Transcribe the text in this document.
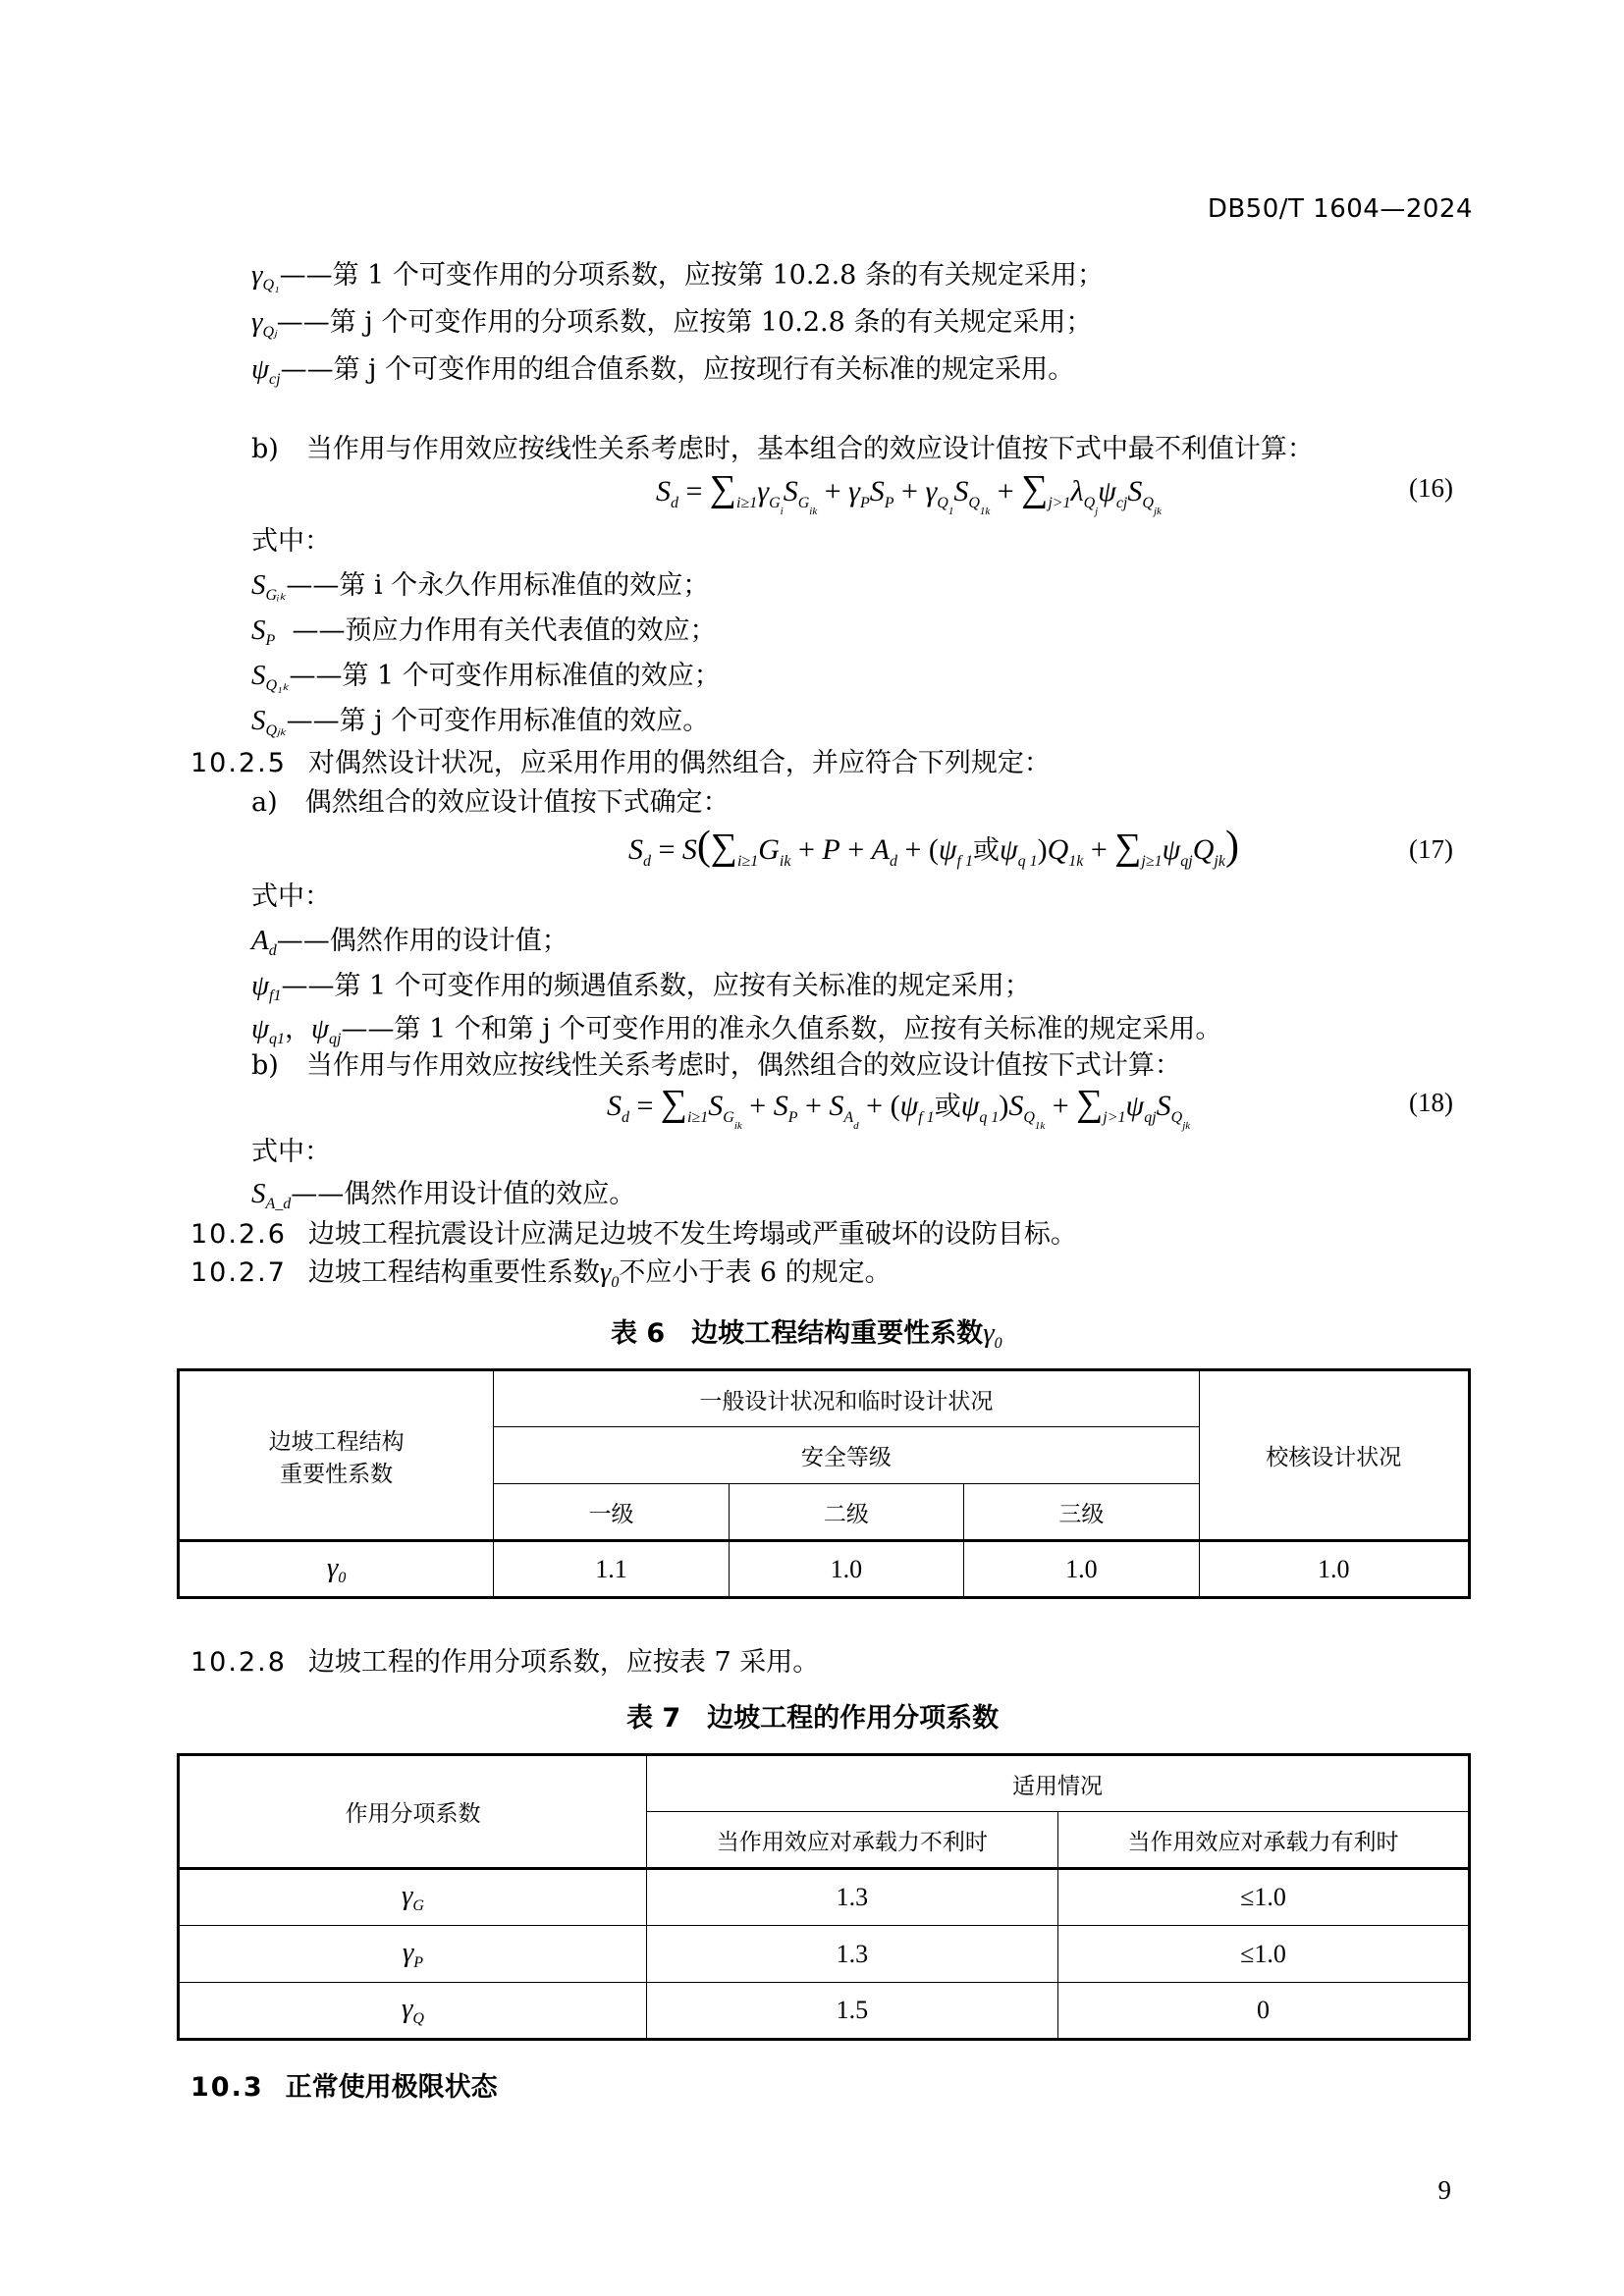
DB50/T 1604—2024
$\gamma_{Q_1}——$第 1 个可变作用的分项系数，应按第 10.2.8 条的有关规定采用；
$\gamma_{Qⱼ}——$第 j 个可变作用的分项系数，应按第 10.2.8 条的有关规定采用；
$\psi_{cj}——$第 j 个可变作用的组合值系数，应按现行有关标准的规定采用。
b) 当作用与作用效应按线性关系考虑时，基本组合的效应设计值按下式中最不利值计算：
$S_d = \sum_{i\ge 1}\gamma_{G_i}S_{G_{ik}} + \gamma_PS_P + \gamma_{Q_1}S_{Q_{1k}} + \sum_{j>1}\lambda_{Q_j}\psi_{cj}S_{Q_{jk}}$
(16)
式中：
$S_{Gᵢ_k}——$第 i 个永久作用标准值的效应；
$S_P$  ——预应力作用有关代表值的效应；
$S_{Q_{1k}}——$第 1 个可变作用标准值的效应；
$S_{Qⱼ_k}——$第 j 个可变作用标准值的效应。
10.2.5 对偶然设计状况，应采用作用的偶然组合，并应符合下列规定：
a) 偶然组合的效应设计值按下式确定：
$S_d = S(\sum_{i\ge 1}G_{ik} + P + A_d + (\psi_{f 1}$或$\psi_{q 1})Q_{1k} + \sum_{j\ge 1}\psi_{qj}Q_{jk}$)	(17)
式中：
$A_d——$偶然作用的设计值；
$\psi_{f1}——$第 1 个可变作用的频遇值系数，应按有关标准的规定采用；
$\psi_{q1}$，$\psi_{qj}——$第 1 个和第 j 个可变作用的准永久值系数，应按有关标准的规定采用。
b) 当作用与作用效应按线性关系考虑时，偶然组合的效应设计值按下式计算：
$S_d = \sum_{i\ge 1}S_{G_{ik}} + S_P + S_{A_d} + (\psi_{f 1}$或$\psi_{q 1})S_{Q_{1k}} + \sum_{j>1}\psi_{qj}S_{Q_{jk}}$
(18)
式中：
$S_{A\_d}——$偶然作用设计值的效应。
10.2.6 边坡工程抗震设计应满足边坡不发生垮塌或严重破坏的设防目标。
10.2.7 边坡工程结构重要性系数$\gamma_0$不应小于表 6 的规定。
表 6　边坡工程结构重要性系数$\gamma_0$
边坡工程结构
重要性系数	一般设计状况和临时设计状况			校核设计状况
	安全等级			
	一级	二级	三级	
$\gamma_0$	1.1	1.0	1.0	1.0
10.2.8 边坡工程的作用分项系数，应按表 7 采用。
表 7　边坡工程的作用分项系数
作用分项系数	适用情况	
	当作用效应对承载力不利时	当作用效应对承载力有利时
$\gamma_G$	1.3	≤1.0
$\gamma_P$	1.3	≤1.0
$\gamma_Q$	1.5	0
10.3 正常使用极限状态
9
